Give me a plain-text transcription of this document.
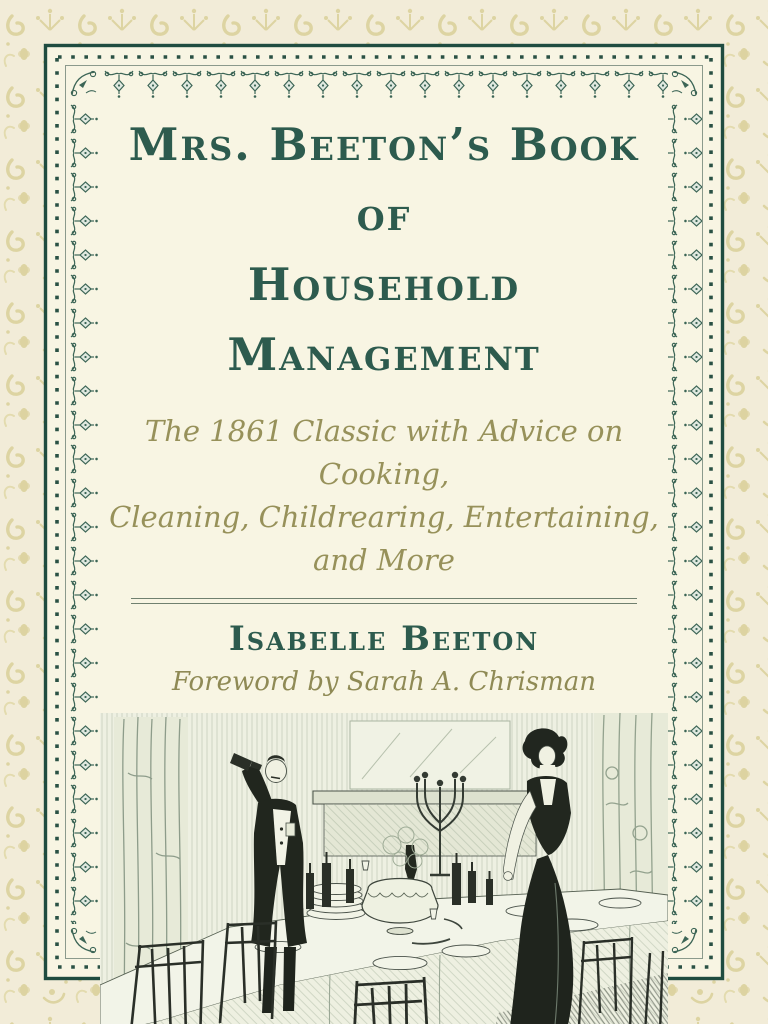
Mrs. Beeton’s Book of
Household Management
The 1861 Classic with Advice on Cooking,
Cleaning, Childrearing, Entertaining,
and More
Isabelle Beeton

Foreword by Sarah A. Chrisman
